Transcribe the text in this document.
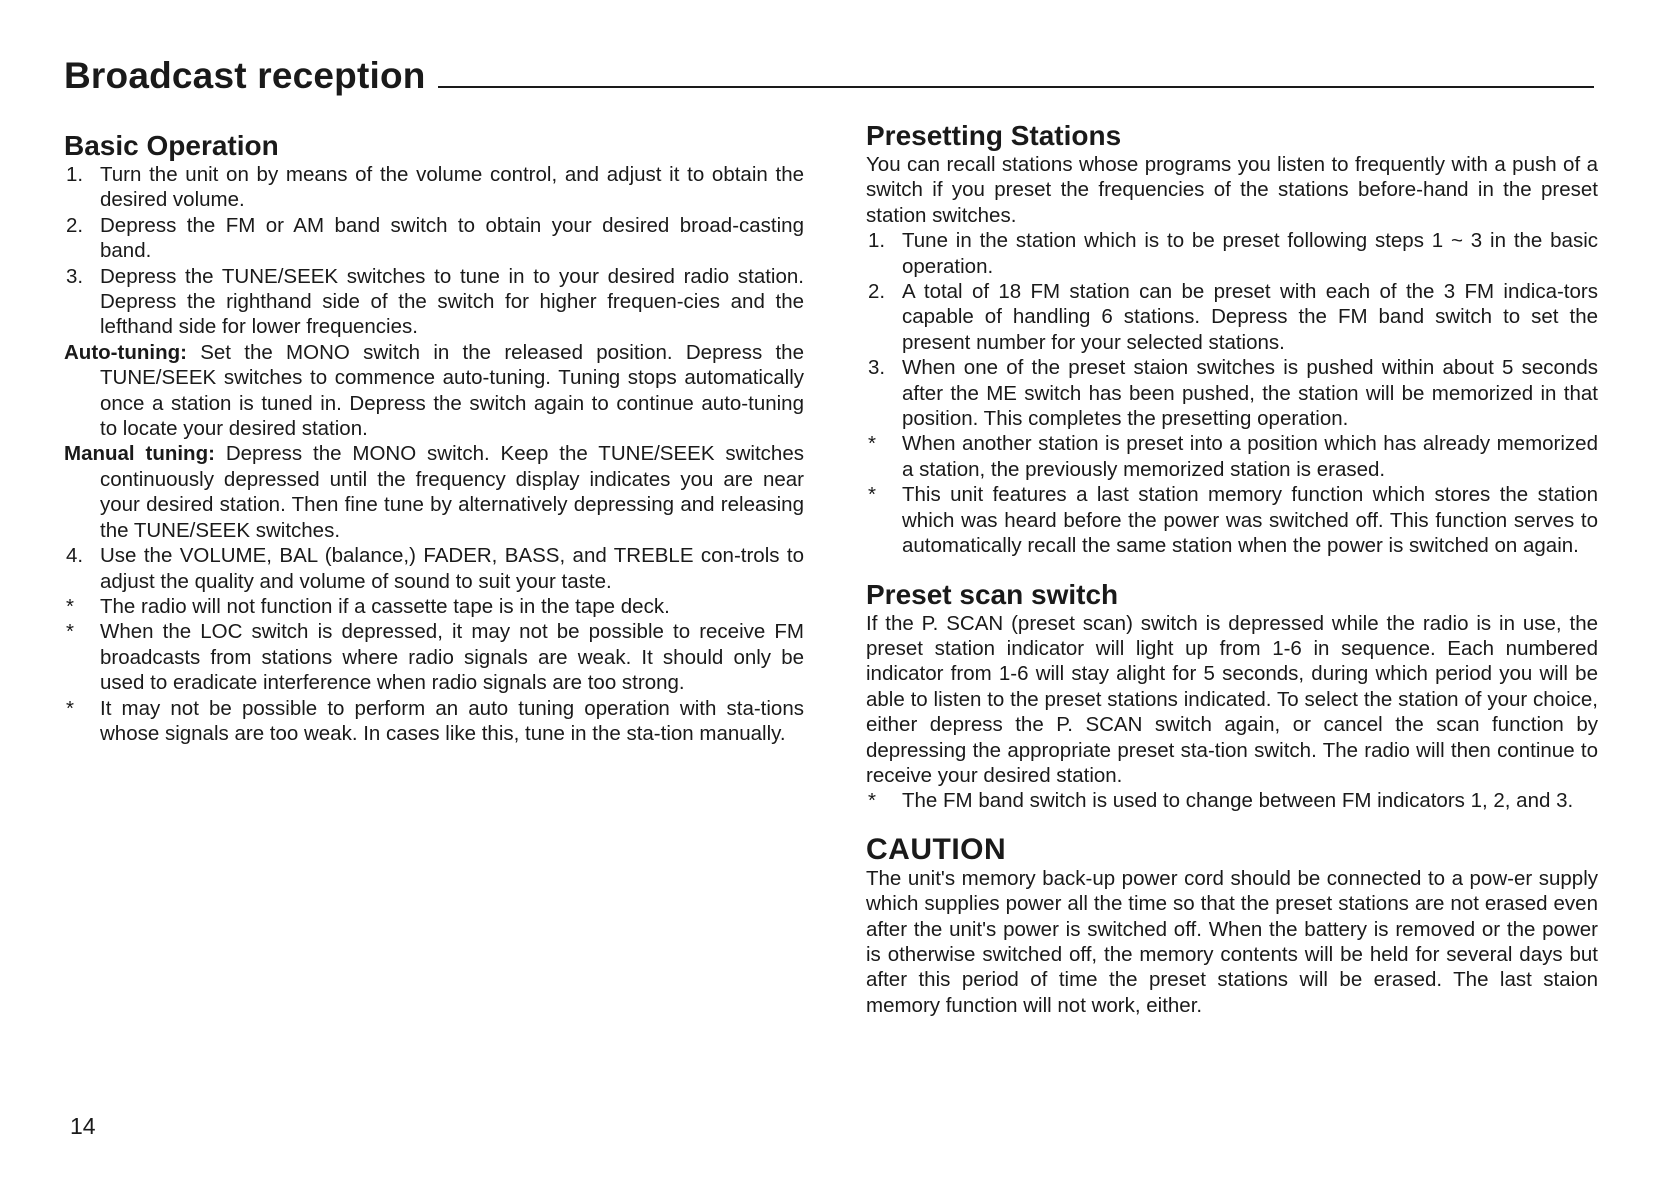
Broadcast reception
Basic Operation

1. Turn the unit on by means of the volume control, and adjust it to obtain the desired volume.

2. Depress the FM or AM band switch to obtain your desired broad-casting band.

3. Depress the TUNE/SEEK switches to tune in to your desired radio station. Depress the righthand side of the switch for higher frequen-cies and the lefthand side for lower frequencies.

Auto-tuning: Set the MONO switch in the released position. Depress the TUNE/SEEK switches to commence auto-tuning. Tuning stops automatically once a station is tuned in. Depress the switch again to continue auto-tuning to locate your desired station.

Manual tuning: Depress the MONO switch. Keep the TUNE/SEEK switches continuously depressed until the frequency display indicates you are near your desired station. Then fine tune by alternatively depressing and releasing the TUNE/SEEK switches.

4. Use the VOLUME, BAL (balance,) FADER, BASS, and TREBLE con-trols to adjust the quality and volume of sound to suit your taste.

* The radio will not function if a cassette tape is in the tape deck.

* When the LOC switch is depressed, it may not be possible to receive FM broadcasts from stations where radio signals are weak. It should only be used to eradicate interference when radio signals are too strong.

* It may not be possible to perform an auto tuning operation with sta-tions whose signals are too weak. In cases like this, tune in the sta-tion manually.

Presetting Stations

You can recall stations whose programs you listen to frequently with a push of a switch if you preset the frequencies of the stations before-hand in the preset station switches.

1. Tune in the station which is to be preset following steps 1 ~ 3 in the basic operation.

2. A total of 18 FM station can be preset with each of the 3 FM indica-tors capable of handling 6 stations. Depress the FM band switch to set the present number for your selected stations.

3. When one of the preset staion switches is pushed within about 5 seconds after the ME switch has been pushed, the station will be memorized in that position. This completes the presetting operation.

* When another station is preset into a position which has already memorized a station, the previously memorized station is erased.

* This unit features a last station memory function which stores the station which was heard before the power was switched off. This function serves to automatically recall the same station when the power is switched on again.

Preset scan switch

If the P. SCAN (preset scan) switch is depressed while the radio is in use, the preset station indicator will light up from 1-6 in sequence. Each numbered indicator from 1-6 will stay alight for 5 seconds, during which period you will be able to listen to the preset stations indicated. To select the station of your choice, either depress the P. SCAN switch again, or cancel the scan function by depressing the appropriate preset sta-tion switch. The radio will then continue to receive your desired station.

* The FM band switch is used to change between FM indicators 1, 2, and 3.

CAUTION

The unit's memory back-up power cord should be connected to a pow-er supply which supplies power all the time so that the preset stations are not erased even after the unit's power is switched off. When the battery is removed or the power is otherwise switched off, the memory contents will be held for several days but after this period of time the preset stations will be erased. The last staion memory function will not work, either.

14
